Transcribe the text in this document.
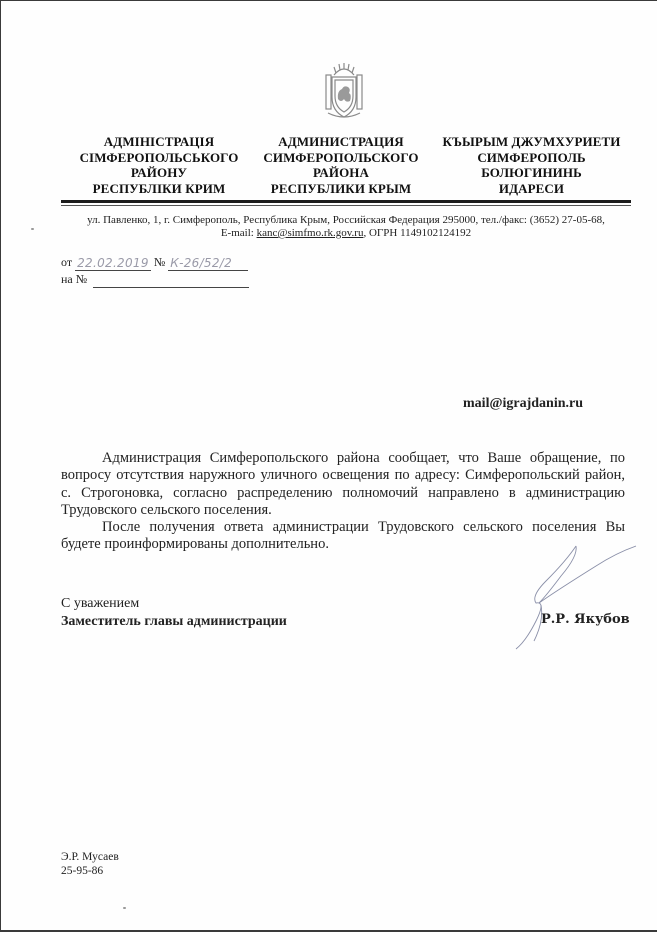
АДМІНІСТРАЦІЯ
СІМФЕРОПОЛЬСЬКОГО
РАЙОНУ
РЕСПУБЛІКИ КРИМ
АДМИНИСТРАЦИЯ
СИМФЕРОПОЛЬСКОГО
РАЙОНА
РЕСПУБЛИКИ КРЫМ
КЪЫРЫМ ДЖУМХУРИЕТИ
СИМФЕРОПОЛЬ
БОЛЮГИНИНЬ
ИДАРЕСИ
ул. Павленко, 1, г. Симферополь, Республика Крым, Российская Федерация 295000, тел./факс: (3652) 27-05-68,
E-mail: kanc@simfmo.rk.gov.ru, ОГРН 1149102124192
от 22.02.2019 № К-26/52/2
на №
mail@igrajdanin.ru

Администрация Симферопольского района сообщает, что Ваше обращение, по вопросу отсутствия наружного уличного освещения по адресу: Симферопольский район, с. Строгоновка, согласно распределению полномочий направлено в администрацию Трудовского сельского поселения.

После получения ответа администрации Трудовского сельского поселения Вы будете проинформированы дополнительно.

С уважением
Заместитель главы администрации	Р.Р. Якубов
Э.Р. Мусаев
25-95-86
